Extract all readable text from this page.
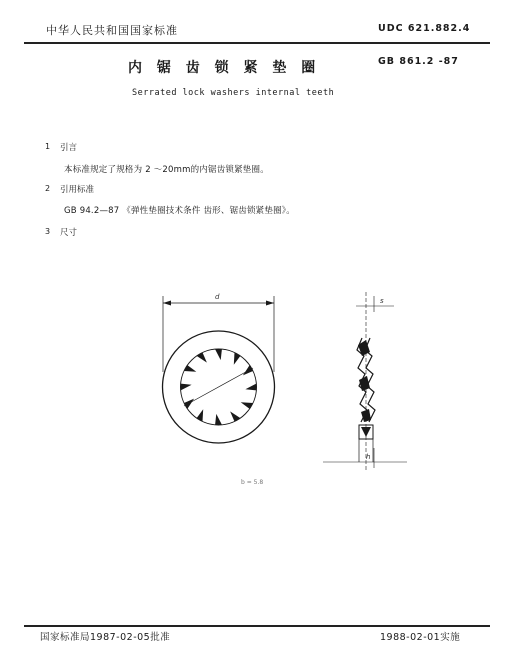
中华人民共和国国家标准	UDC 621.882.4
内 锯 齿 锁 紧 垫 圈	GB 861.2 -87
Serrated lock washers internal teeth
1 引言
本标准规定了规格为 2 ～20mm的内锯齿锁紧垫圈。
2 引用标准
GB 94.2—87 《弹性垫圈技术条件 齿形、锯齿锁紧垫圈》。
3 尺寸
d	s
h
b = 5.8
国家标准局1987-02-05批准	1988-02-01实施
